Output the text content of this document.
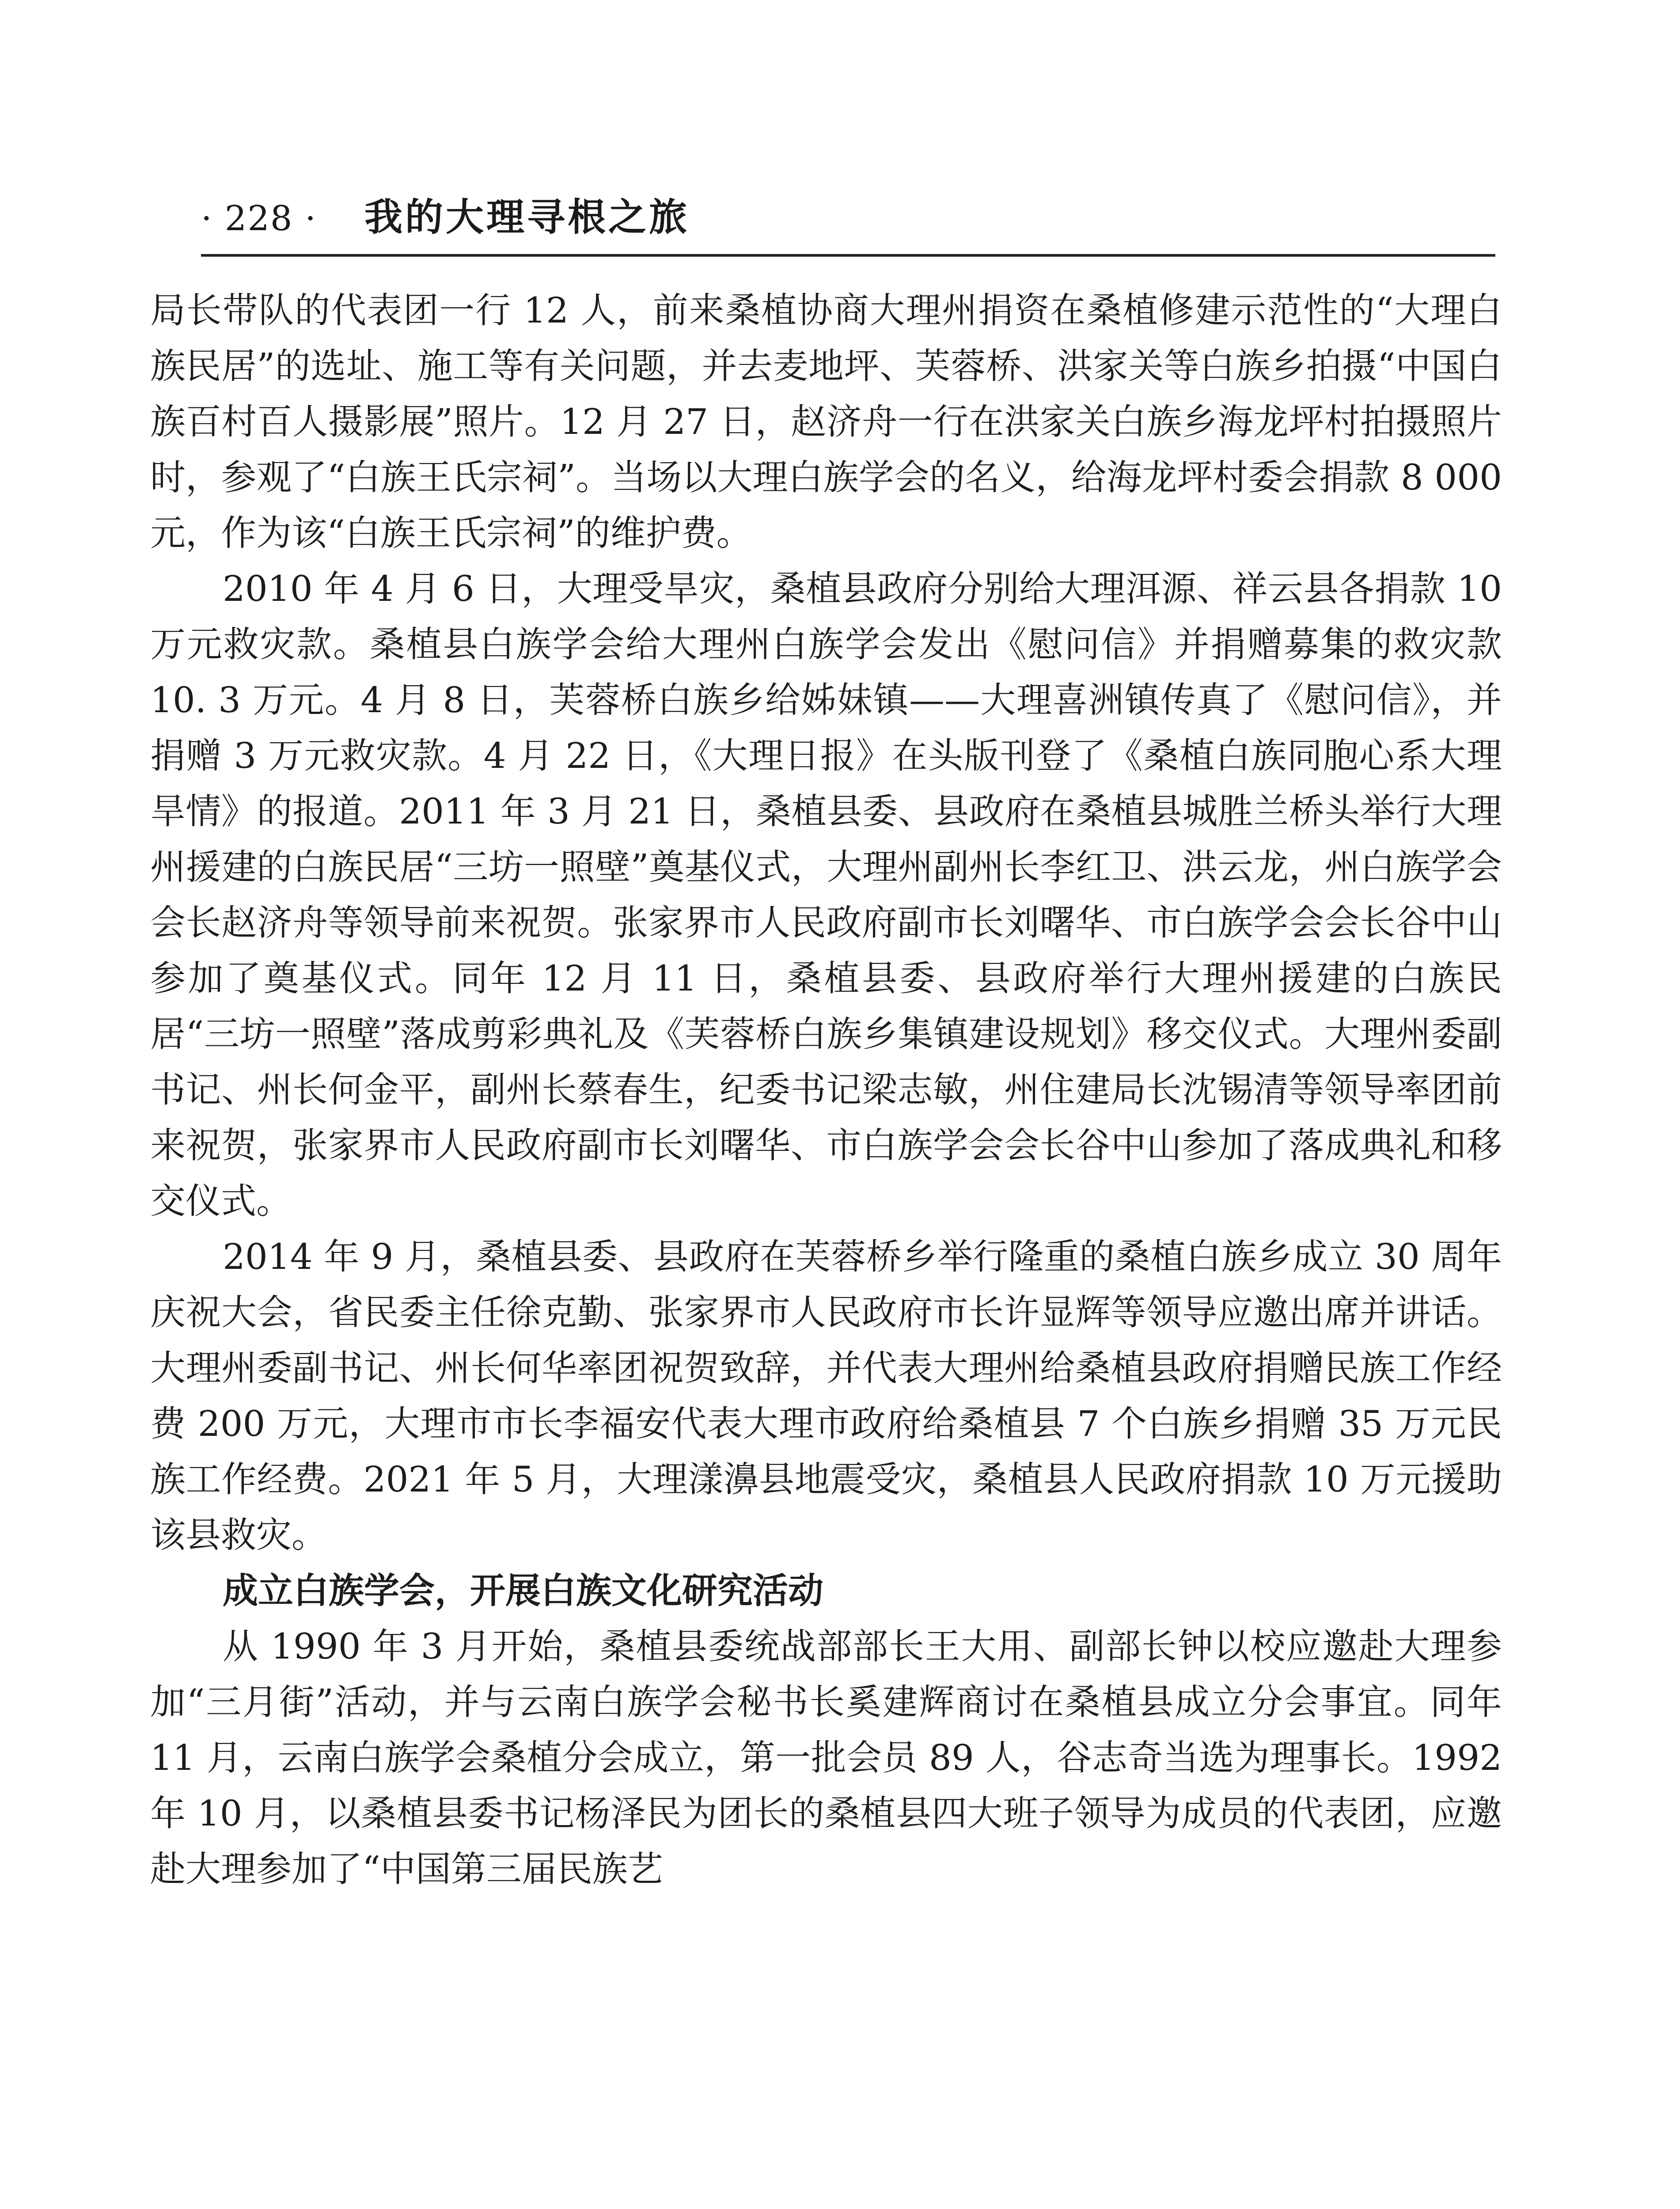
· 228 · 我的大理寻根之旅

局长带队的代表团一行 12 人，前来桑植协商大理州捐资在桑植修建示范性的“大理白族民居”的选址、施工等有关问题，并去麦地坪、芙蓉桥、洪家关等白族乡拍摄“中国白族百村百人摄影展”照片。12 月 27 日，赵济舟一行在洪家关白族乡海龙坪村拍摄照片时，参观了“白族王氏宗祠”。当场以大理白族学会的名义，给海龙坪村委会捐款 8 000 元，作为该“白族王氏宗祠”的维护费。

2010 年 4 月 6 日，大理受旱灾，桑植县政府分别给大理洱源、祥云县各捐款 10 万元救灾款。桑植县白族学会给大理州白族学会发出《慰问信》并捐赠募集的救灾款 10. 3 万元。4 月 8 日，芙蓉桥白族乡给姊妹镇——大理喜洲镇传真了《慰问信》，并捐赠 3 万元救灾款。4 月 22 日，《大理日报》在头版刊登了《桑植白族同胞心系大理旱情》的报道。2011 年 3 月 21 日，桑植县委、县政府在桑植县城胜兰桥头举行大理州援建的白族民居“三坊一照壁”奠基仪式，大理州副州长李红卫、洪云龙，州白族学会会长赵济舟等领导前来祝贺。张家界市人民政府副市长刘曙华、市白族学会会长谷中山参加了奠基仪式。同年 12 月 11 日，桑植县委、县政府举行大理州援建的白族民居“三坊一照壁”落成剪彩典礼及《芙蓉桥白族乡集镇建设规划》移交仪式。大理州委副书记、州长何金平，副州长蔡春生，纪委书记梁志敏，州住建局长沈锡清等领导率团前来祝贺，张家界市人民政府副市长刘曙华、市白族学会会长谷中山参加了落成典礼和移交仪式。

2014 年 9 月，桑植县委、县政府在芙蓉桥乡举行隆重的桑植白族乡成立 30 周年庆祝大会，省民委主任徐克勤、张家界市人民政府市长许显辉等领导应邀出席并讲话。大理州委副书记、州长何华率团祝贺致辞，并代表大理州给桑植县政府捐赠民族工作经费 200 万元，大理市市长李福安代表大理市政府给桑植县 7 个白族乡捐赠 35 万元民族工作经费。2021 年 5 月，大理漾濞县地震受灾，桑植县人民政府捐款 10 万元援助该县救灾。

成立白族学会，开展白族文化研究活动

从 1990 年 3 月开始，桑植县委统战部部长王大用、副部长钟以校应邀赴大理参加“三月街”活动，并与云南白族学会秘书长奚建辉商讨在桑植县成立分会事宜。同年 11 月，云南白族学会桑植分会成立，第一批会员 89 人，谷志奇当选为理事长。1992 年 10 月，以桑植县委书记杨泽民为团长的桑植县四大班子领导为成员的代表团，应邀赴大理参加了“中国第三届民族艺
